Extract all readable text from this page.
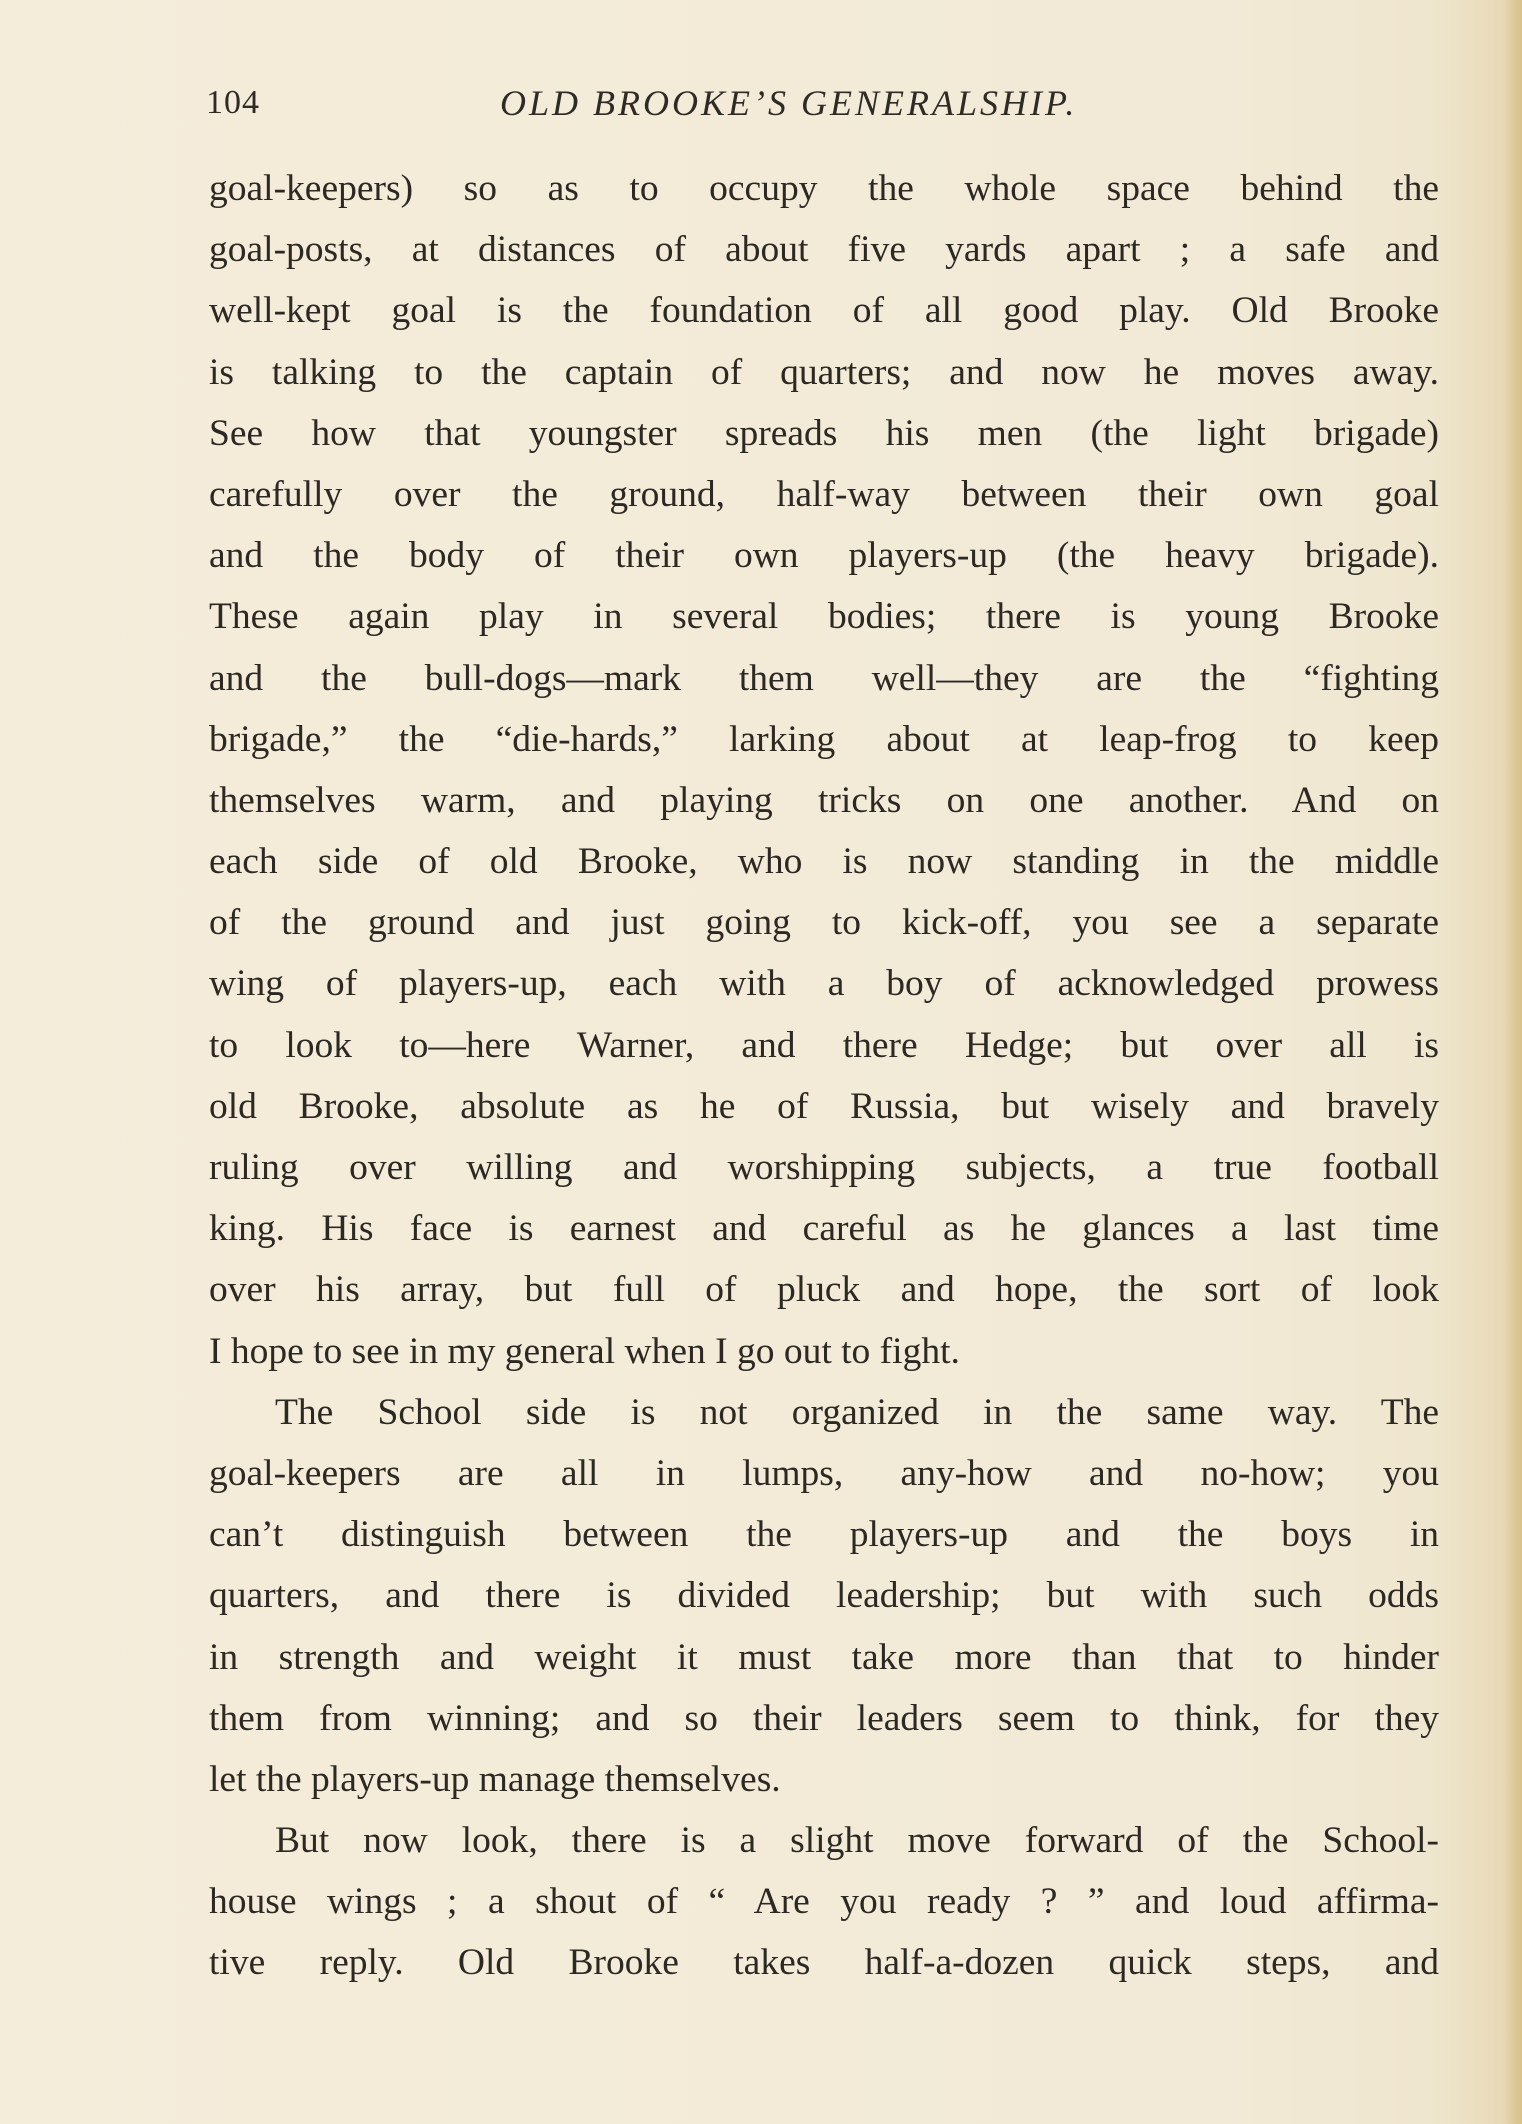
104	OLD BROOKE’S GENERALSHIP.
goal-keepers) so as to occupy the whole space behind the
goal-posts, at distances of about five yards apart ; a safe and
well-kept goal is the foundation of all good play. Old Brooke
is talking to the captain of quarters; and now he moves away.
See how that youngster spreads his men (the light brigade)
carefully over the ground, half-way between their own goal
and the body of their own players-up (the heavy brigade).
These again play in several bodies; there is young Brooke
and the bull-dogs—mark them well—they are the “fighting
brigade,” the “die-hards,” larking about at leap-frog to keep
themselves warm, and playing tricks on one another. And on
each side of old Brooke, who is now standing in the middle
of the ground and just going to kick-off, you see a separate
wing of players-up, each with a boy of acknowledged prowess
to look to—here Warner, and there Hedge; but over all is
old Brooke, absolute as he of Russia, but wisely and bravely
ruling over willing and worshipping subjects, a true football
king. His face is earnest and careful as he glances a last time
over his array, but full of pluck and hope, the sort of look
I hope to see in my general when I go out to fight.
The School side is not organized in the same way. The
goal-keepers are all in lumps, any-how and no-how; you
can’t distinguish between the players-up and the boys in
quarters, and there is divided leadership; but with such odds
in strength and weight it must take more than that to hinder
them from winning; and so their leaders seem to think, for they
let the players-up manage themselves.
But now look, there is a slight move forward of the School-
house wings ; a shout of “ Are you ready ? ” and loud affirma-
tive reply. Old Brooke takes half-a-dozen quick steps, and
